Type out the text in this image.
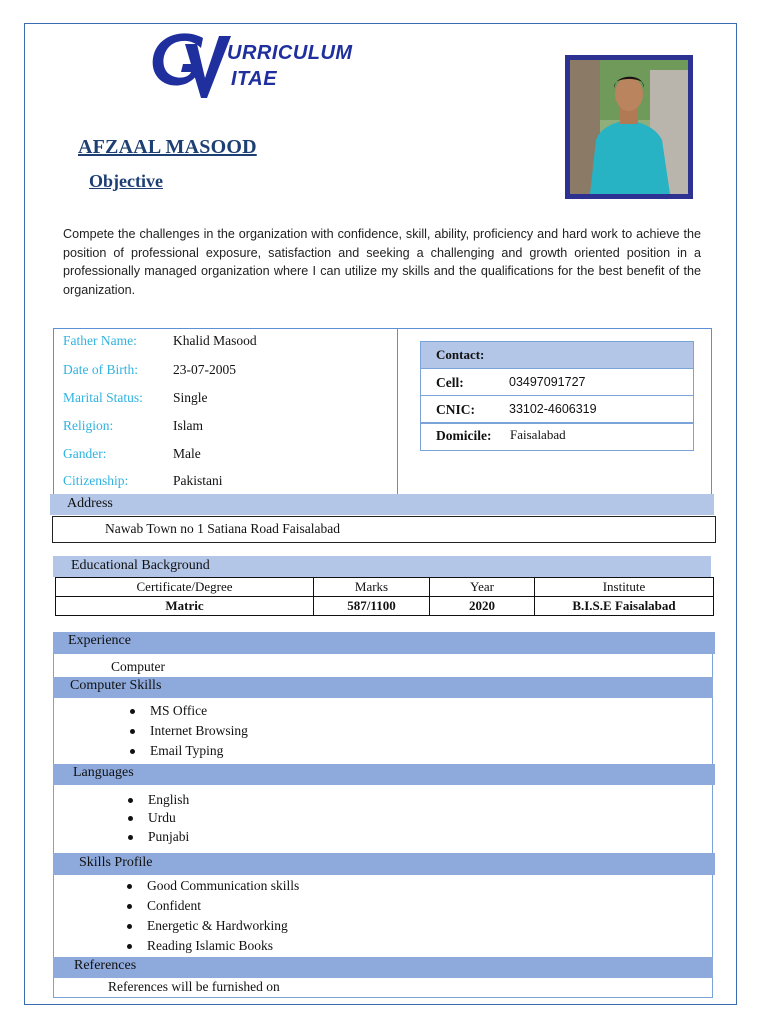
URRICULUM
ITAE
AFZAAL MASOOD
Objective
Compete the challenges in the organization with confidence, skill, ability, proficiency and hard work to achieve the position of professional exposure, satisfaction and seeking a challenging and growth oriented position in a professionally managed organization where I can utilize my skills and the qualifications for the best benefit of the organization.
Father Name:	Khalid Masood
Date of Birth:	23-07-2005
Marital Status: Single
Religion:	Islam
Gander:	Male
Citizenship:	Pakistani
Contact:
Cell:	03497091727
CNIC:	33102-4606319
Domicile: Faisalabad
Address
Nawab Town no 1 Satiana Road Faisalabad
Educational Background
Certificate/Degree	Marks	Year	Institute
Matric	587/1100	2020	B.I.S.E Faisalabad
Experience
Computer
Computer Skills
MS Office
Internet Browsing
Email Typing
Languages
English
Urdu
Punjabi
Skills Profile
Good Communication skills
Confident
Energetic & Hardworking
Reading Islamic Books
References
References will be furnished on
